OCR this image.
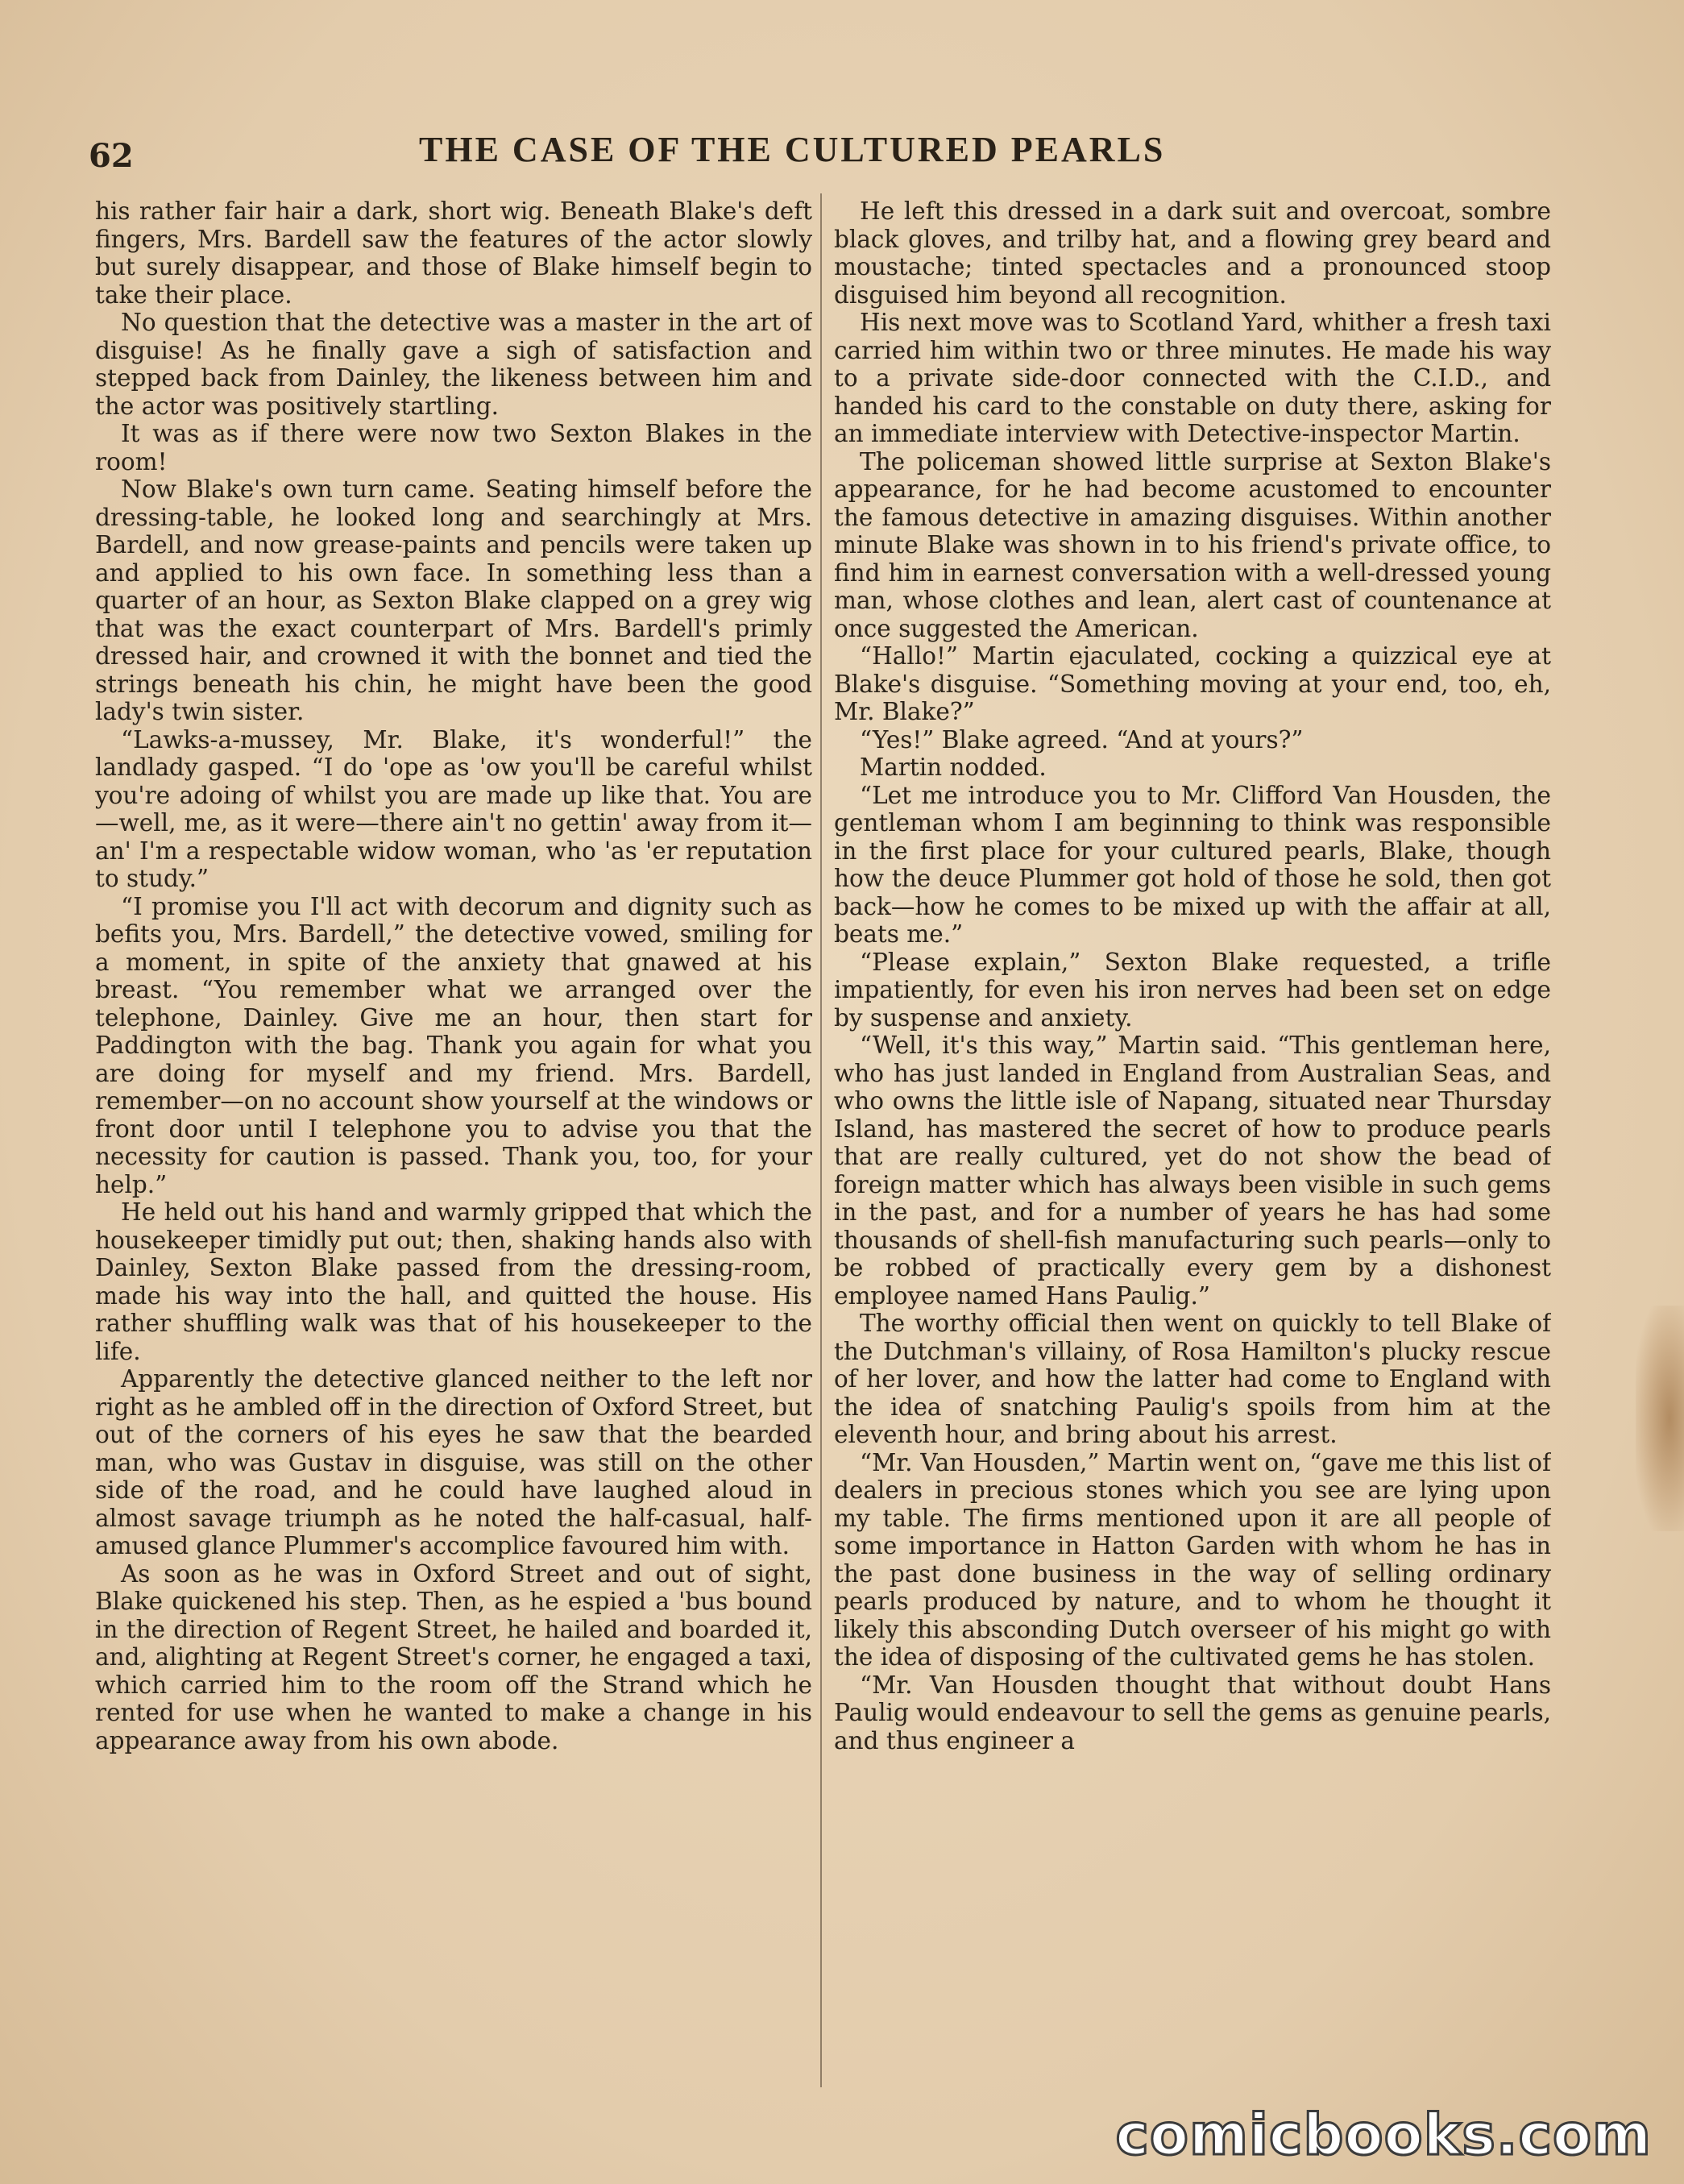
62	THE CASE OF THE CULTURED PEARLS

his rather fair hair a dark, short wig. Beneath Blake's deft fingers, Mrs. Bardell saw the features of the actor slowly but surely disappear, and those of Blake himself begin to take their place.

No question that the detective was a master in the art of disguise! As he finally gave a sigh of satisfaction and stepped back from Dainley, the likeness between him and the actor was positively startling.

It was as if there were now two Sexton Blakes in the room!

Now Blake's own turn came. Seating himself before the dressing-table, he looked long and searchingly at Mrs. Bardell, and now grease-paints and pencils were taken up and applied to his own face. In something less than a quarter of an hour, as Sexton Blake clapped on a grey wig that was the exact counterpart of Mrs. Bardell's primly dressed hair, and crowned it with the bonnet and tied the strings beneath his chin, he might have been the good lady's twin sister.

“Lawks-a-mussey, Mr. Blake, it's wonderful!” the landlady gasped. “I do 'ope as 'ow you'll be careful whilst you're adoing of whilst you are made up like that. You are—well, me, as it were—there ain't no gettin' away from it—an' I'm a respectable widow woman, who 'as 'er reputation to study.”

“I promise you I'll act with decorum and dignity such as befits you, Mrs. Bardell,” the detective vowed, smiling for a moment, in spite of the anxiety that gnawed at his breast. “You remember what we arranged over the telephone, Dainley. Give me an hour, then start for Paddington with the bag. Thank you again for what you are doing for myself and my friend. Mrs. Bardell, remember—on no account show yourself at the windows or front door until I telephone you to advise you that the necessity for caution is passed. Thank you, too, for your help.”

He held out his hand and warmly gripped that which the housekeeper timidly put out; then, shaking hands also with Dainley, Sexton Blake passed from the dressing-room, made his way into the hall, and quitted the house. His rather shuffling walk was that of his housekeeper to the life.

Apparently the detective glanced neither to the left nor right as he ambled off in the direction of Oxford Street, but out of the corners of his eyes he saw that the bearded man, who was Gustav in disguise, was still on the other side of the road, and he could have laughed aloud in almost savage triumph as he noted the half-casual, half-amused glance Plummer's accomplice favoured him with.

As soon as he was in Oxford Street and out of sight, Blake quickened his step. Then, as he espied a 'bus bound in the direction of Regent Street, he hailed and boarded it, and, alighting at Regent Street's corner, he engaged a taxi, which carried him to the room off the Strand which he rented for use when he wanted to make a change in his appearance away from his own abode.

He left this dressed in a dark suit and overcoat, sombre black gloves, and trilby hat, and a flowing grey beard and moustache; tinted spectacles and a pronounced stoop disguised him beyond all recognition.

His next move was to Scotland Yard, whither a fresh taxi carried him within two or three minutes. He made his way to a private side-door connected with the C.I.D., and handed his card to the constable on duty there, asking for an immediate interview with Detective-inspector Martin.

The policeman showed little surprise at Sexton Blake's appearance, for he had become acustomed to encounter the famous detective in amazing disguises. Within another minute Blake was shown in to his friend's private office, to find him in earnest conversation with a well-dressed young man, whose clothes and lean, alert cast of countenance at once suggested the American.

“Hallo!” Martin ejaculated, cocking a quizzical eye at Blake's disguise. “Something moving at your end, too, eh, Mr. Blake?”

“Yes!” Blake agreed. “And at yours?”

Martin nodded.

“Let me introduce you to Mr. Clifford Van Housden, the gentleman whom I am beginning to think was responsible in the first place for your cultured pearls, Blake, though how the deuce Plummer got hold of those he sold, then got back—how he comes to be mixed up with the affair at all, beats me.”

“Please explain,” Sexton Blake requested, a trifle impatiently, for even his iron nerves had been set on edge by suspense and anxiety.

“Well, it's this way,” Martin said. “This gentleman here, who has just landed in England from Australian Seas, and who owns the little isle of Napang, situated near Thursday Island, has mastered the secret of how to produce pearls that are really cultured, yet do not show the bead of foreign matter which has always been visible in such gems in the past, and for a number of years he has had some thousands of shell-fish manufacturing such pearls—only to be robbed of practically every gem by a dishonest employee named Hans Paulig.”

The worthy official then went on quickly to tell Blake of the Dutchman's villainy, of Rosa Hamilton's plucky rescue of her lover, and how the latter had come to England with the idea of snatching Paulig's spoils from him at the eleventh hour, and bring about his arrest.

“Mr. Van Housden,” Martin went on, “gave me this list of dealers in precious stones which you see are lying upon my table. The firms mentioned upon it are all people of some importance in Hatton Garden with whom he has in the past done business in the way of selling ordinary pearls produced by nature, and to whom he thought it likely this absconding Dutch overseer of his might go with the idea of disposing of the cultivated gems he has stolen.

“Mr. Van Housden thought that without doubt Hans Paulig would endeavour to sell the gems as genuine pearls, and thus engineer a

comicbooks.com
